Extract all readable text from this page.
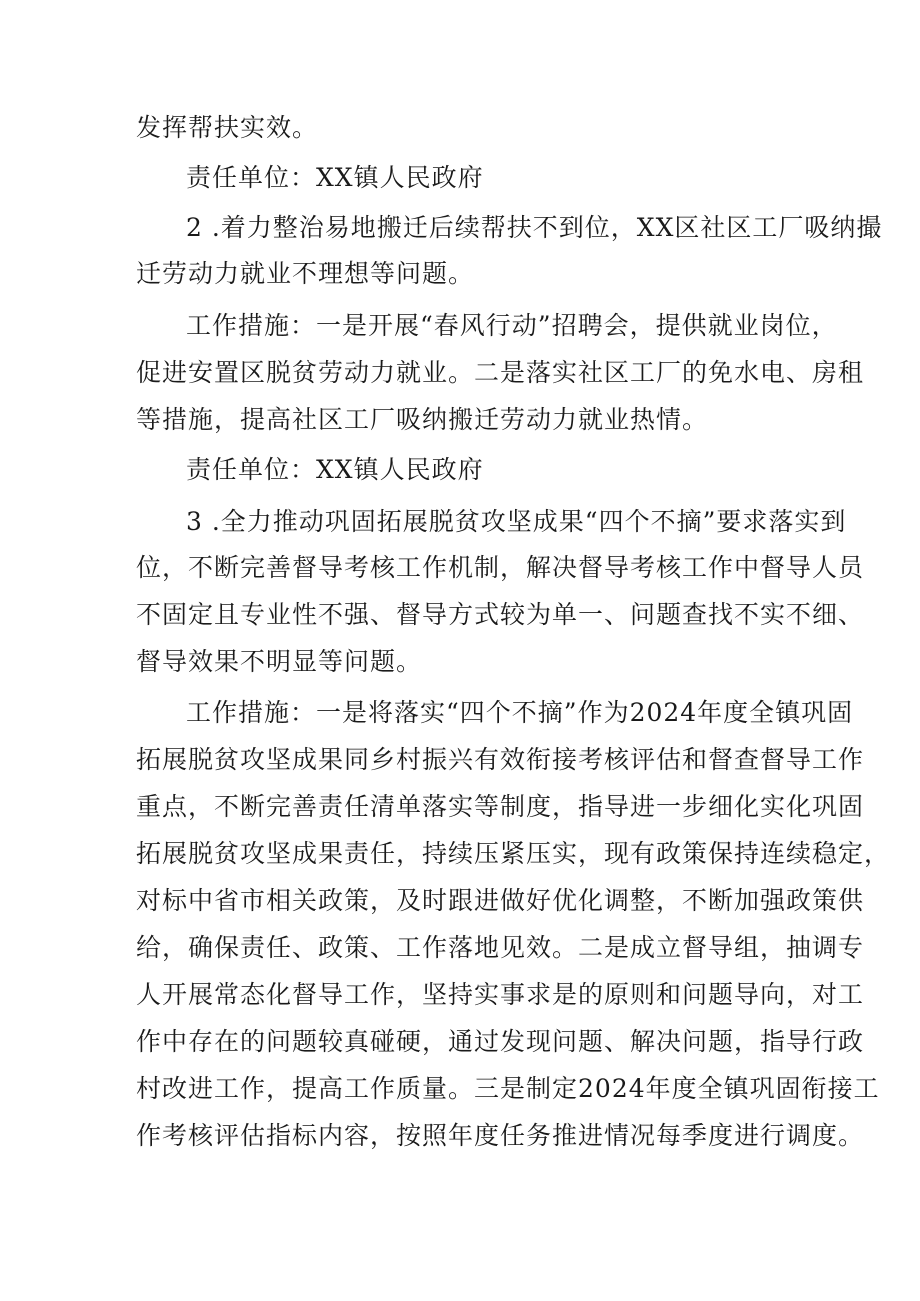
发挥帮扶实效。
责任单位：XX镇人民政府
2 .着力整治易地搬迁后续帮扶不到位，XX区社区工厂吸纳撮
迁劳动力就业不理想等问题。
工作措施：一是开展“春风行动”招聘会，提供就业岗位，
促进安置区脱贫劳动力就业。二是落实社区工厂的免水电、房租
等措施，提高社区工厂吸纳搬迁劳动力就业热情。
责任单位：XX镇人民政府
3 .全力推动巩固拓展脱贫攻坚成果“四个不摘”要求落实到
位，不断完善督导考核工作机制，解决督导考核工作中督导人员
不固定且专业性不强、督导方式较为单一、问题查找不实不细、
督导效果不明显等问题。
工作措施：一是将落实“四个不摘”作为2024年度全镇巩固
拓展脱贫攻坚成果同乡村振兴有效衔接考核评估和督查督导工作
重点，不断完善责任清单落实等制度，指导进一步细化实化巩固
拓展脱贫攻坚成果责任，持续压紧压实，现有政策保持连续稳定，
对标中省市相关政策，及时跟进做好优化调整，不断加强政策供
给，确保责任、政策、工作落地见效。二是成立督导组，抽调专
人开展常态化督导工作，坚持实事求是的原则和问题导向，对工
作中存在的问题较真碰硬，通过发现问题、解决问题，指导行政
村改进工作，提高工作质量。三是制定2024年度全镇巩固衔接工
作考核评估指标内容，按照年度任务推进情况每季度进行调度。
